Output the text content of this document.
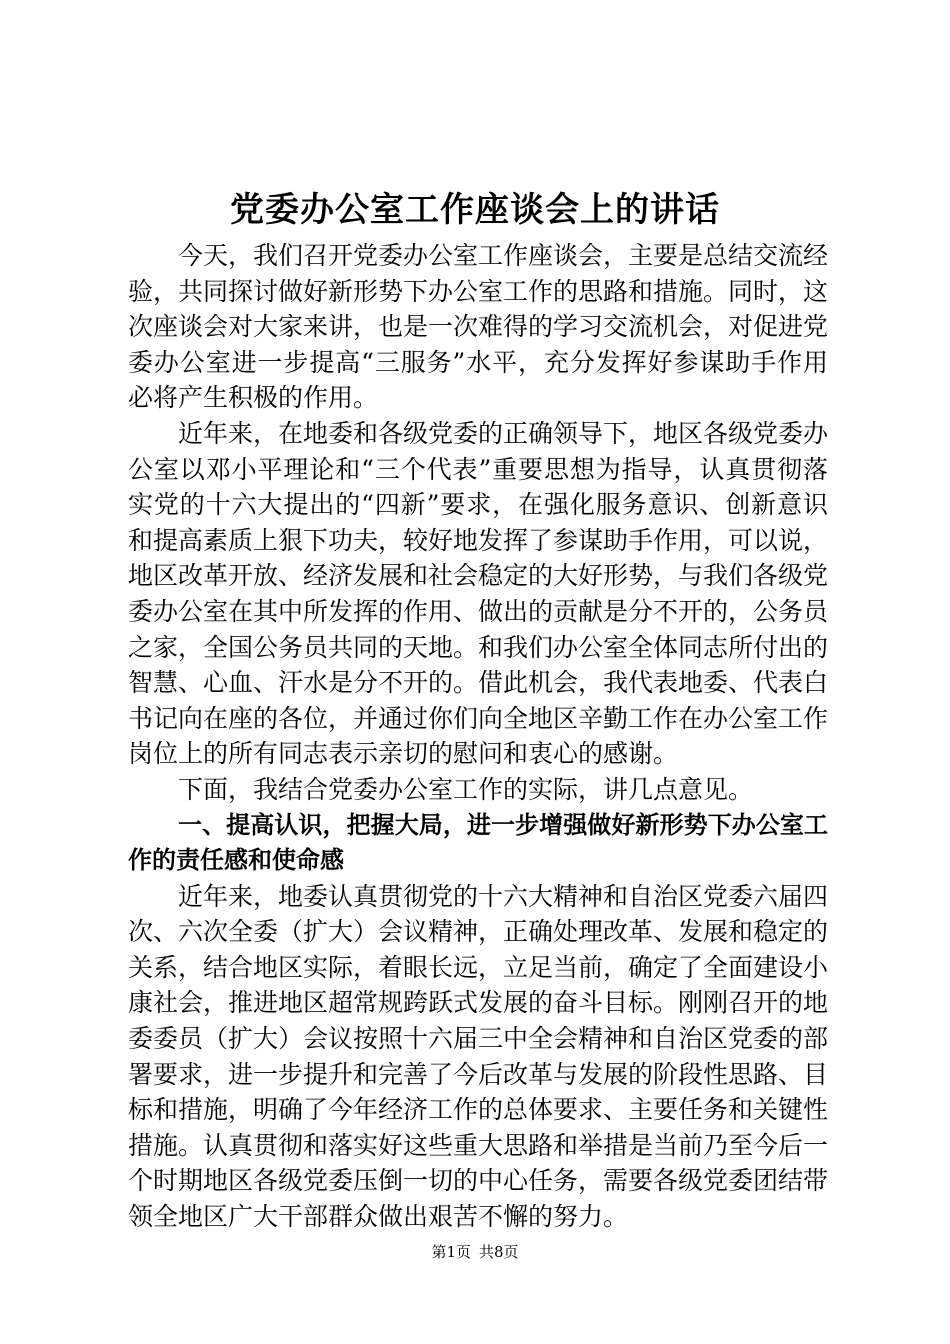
党委办公室工作座谈会上的讲话

今天，我们召开党委办公室工作座谈会，主要是总结交流经验，共同探讨做好新形势下办公室工作的思路和措施。同时，这次座谈会对大家来讲，也是一次难得的学习交流机会，对促进党委办公室进一步提高“三服务”水平，充分发挥好参谋助手作用必将产生积极的作用。

近年来，在地委和各级党委的正确领导下，地区各级党委办公室以邓小平理论和“三个代表”重要思想为指导，认真贯彻落实党的十六大提出的“四新”要求，在强化服务意识、创新意识和提高素质上狠下功夫，较好地发挥了参谋助手作用，可以说，地区改革开放、经济发展和社会稳定的大好形势，与我们各级党委办公室在其中所发挥的作用、做出的贡献是分不开的，公务员之家，全国公务员共同的天地。和我们办公室全体同志所付出的智慧、心血、汗水是分不开的。借此机会，我代表地委、代表白书记向在座的各位，并通过你们向全地区辛勤工作在办公室工作岗位上的所有同志表示亲切的慰问和衷心的感谢。

下面，我结合党委办公室工作的实际，讲几点意见。

一、提高认识，把握大局，进一步增强做好新形势下办公室工作的责任感和使命感

近年来，地委认真贯彻党的十六大精神和自治区党委六届四次、六次全委（扩大）会议精神，正确处理改革、发展和稳定的关系，结合地区实际，着眼长远，立足当前，确定了全面建设小康社会，推进地区超常规跨跃式发展的奋斗目标。刚刚召开的地委委员（扩大）会议按照十六届三中全会精神和自治区党委的部署要求，进一步提升和完善了今后改革与发展的阶段性思路、目标和措施，明确了今年经济工作的总体要求、主要任务和关键性措施。认真贯彻和落实好这些重大思路和举措是当前乃至今后一个时期地区各级党委压倒一切的中心任务，需要各级党委团结带领全地区广大干部群众做出艰苦不懈的努力。

第1页 共8页
